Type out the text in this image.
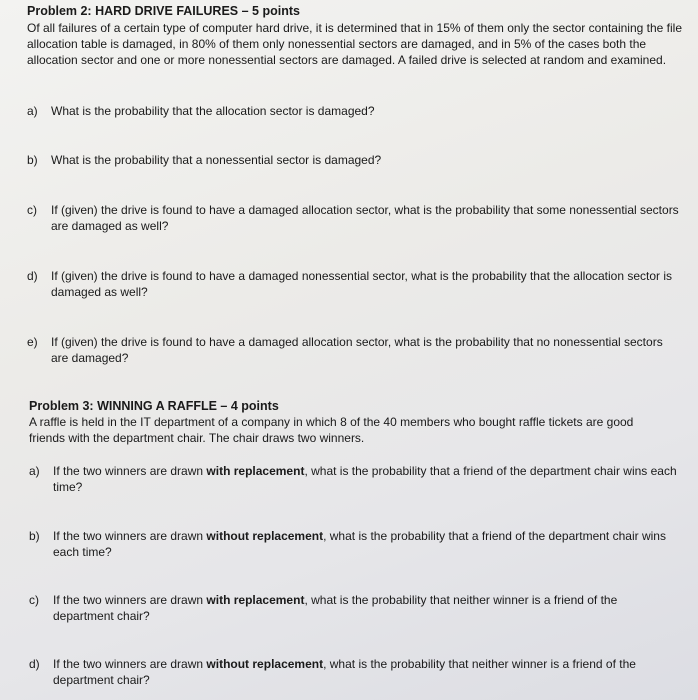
Problem 2: HARD DRIVE FAILURES – 5 points
Of all failures of a certain type of computer hard drive, it is determined that in 15% of them only the sector containing the file allocation table is damaged, in 80% of them only nonessential sectors are damaged, and in 5% of the cases both the allocation sector and one or more nonessential sectors are damaged. A failed drive is selected at random and examined.
a)	What is the probability that the allocation sector is damaged?
b)	What is the probability that a nonessential sector is damaged?
c)	If (given) the drive is found to have a damaged allocation sector, what is the probability that some nonessential sectors are damaged as well?
d)	If (given) the drive is found to have a damaged nonessential sector, what is the probability that the allocation sector is damaged as well?
e)	If (given) the drive is found to have a damaged allocation sector, what is the probability that no nonessential sectors are damaged?
Problem 3: WINNING A RAFFLE – 4 points
A raffle is held in the IT department of a company in which 8 of the 40 members who bought raffle tickets are good friends with the department chair. The chair draws two winners.
a)	If the two winners are drawn with replacement, what is the probability that a friend of the department chair wins each time?
b)	If the two winners are drawn without replacement, what is the probability that a friend of the department chair wins each time?
c)	If the two winners are drawn with replacement, what is the probability that neither winner is a friend of the department chair?
d)	If the two winners are drawn without replacement, what is the probability that neither winner is a friend of the department chair?
